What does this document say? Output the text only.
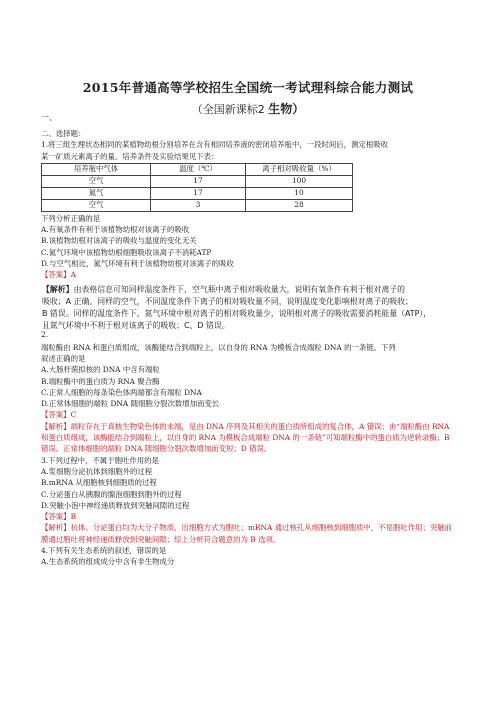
2015年普通高等学校招生全国统一考试理科综合能力测试
（全国新课标2 生物）
一、
二、选择题：
1.将三组生理状态相同的某植物幼根分别培养在含有相同培养液的密闭培养瓶中，一段时间后，测定根吸收
某一矿质元素离子的量。培养条件及实验结果见下表：
培养瓶中气体	温度（℃）	离子相对吸收量（%）
空气	17	100
氮气	17	10
空气	3	28
下列分析正确的是
A.有氧条件有利于该植物幼根对该离子的吸收
B.该植物幼根对该离子的吸收与温度的变化无关
C.氮气环境中该植物幼根细胞吸收该离子不消耗ATP
D.与空气相比，氮气环境有利于该植物幼根对该离子的吸收
【答案】A
【解析】由表格信息可知同样温度条件下，空气瓶中离子相对吸收量大，说明有氧条件有利于根对离子的
吸收；A 正确。同样的空气，不同温度条件下离子的相对吸收量不同，说明温度变化影响根对离子的吸收；
B 错误。同样的温度条件下，氮气环境中根对离子的相对吸收量少，说明根对离子的吸收需要消耗能量（ATP），
且氮气环境中不利于根对该离子的吸收；C、D 错误。
2.
端粒酶由 RNA 和蛋白质组成，该酶能结合到端粒上，以自身的 RNA 为模板合成端粒 DNA 的一条链。下列
叙述正确的是
A.大肠杆菌拟核的 DNA 中含有端粒
B.端粒酶中的蛋白质为 RNA 聚合酶
C.正常人细胞的每条染色体两端都含有端粒 DNA
D.正常体细胞的端粒 DNA 随细胞分裂次数增加而变长
【答案】C
【解析】端粒存在于真核生物染色体的末端，是由 DNA 序列及其相关的蛋白质所组成的复合体，A 错误；由“端粒酶由 RNA 和蛋白质组成，该酶能结合到端粒上，以自身的 RNA 为模板合成端粒 DNA 的一条链”可知端粒酶中的蛋白质为逆转录酶；B 错误。正常体细胞的端粒 DNA 随细胞分裂次数增加而变短；D 错误。
3.下列过程中，不属于胞吐作用的是
A.浆细胞分泌抗体到细胞外的过程
B.mRNA 从细胞核到细胞质的过程
C.分泌蛋白从胰腺的腺泡细胞到胞外的过程
D.突触小泡中神经递质释放到突触间隙的过程
【答案】B
【解析】抗体、分泌蛋白均为大分子物质，出细胞方式为胞吐；mRNA 通过核孔从细胞核到细胞质中，不是胞吐作用；突触前膜通过胞吐将神经递质释放到突触间隙；综上分析符合题意的为 B 选项。
4.下列有关生态系统的叙述，错误的是
A.生态系统的组成成分中含有非生物成分
